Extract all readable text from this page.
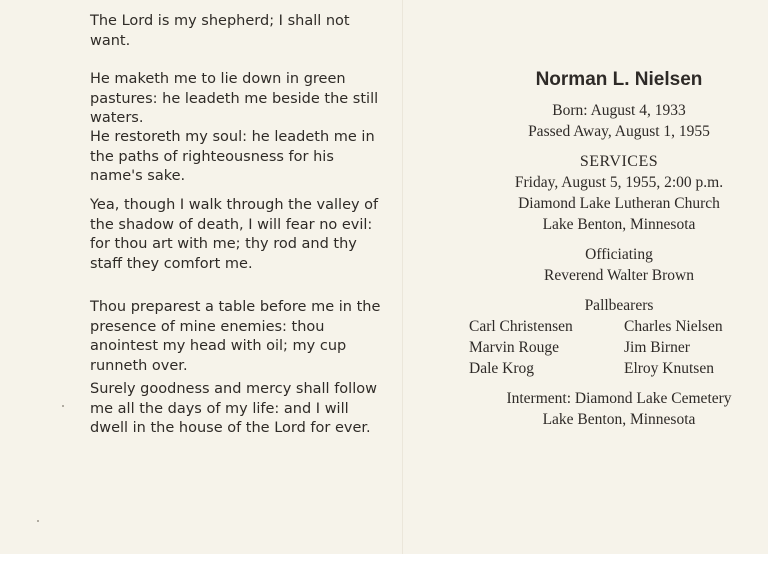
The Lord is my shepherd; I shall not want.

He maketh me to lie down in green pastures: he leadeth me beside the still waters.

He restoreth my soul: he leadeth me in the paths of righteousness for his name's sake.

Yea, though I walk through the valley of the shadow of death, I will fear no evil: for thou art with me; thy rod and thy staff they comfort me.

Thou preparest a table before me in the presence of mine enemies: thou anointest my head with oil; my cup runneth over.

Surely goodness and mercy shall follow me all the days of my life: and I will dwell in the house of the Lord for ever.

Norman L. Nielsen
Born: August 4, 1933
Passed Away, August 1, 1955
SERVICES
Friday, August 5, 1955, 2:00 p.m.
Diamond Lake Lutheran Church
Lake Benton, Minnesota
Officiating
Reverend Walter Brown
Pallbearers
Carl Christensen	Charles Nielsen
Marvin Rouge	Jim Birner
Dale Krog	Elroy Knutsen
Interment: Diamond Lake Cemetery
Lake Benton, Minnesota
